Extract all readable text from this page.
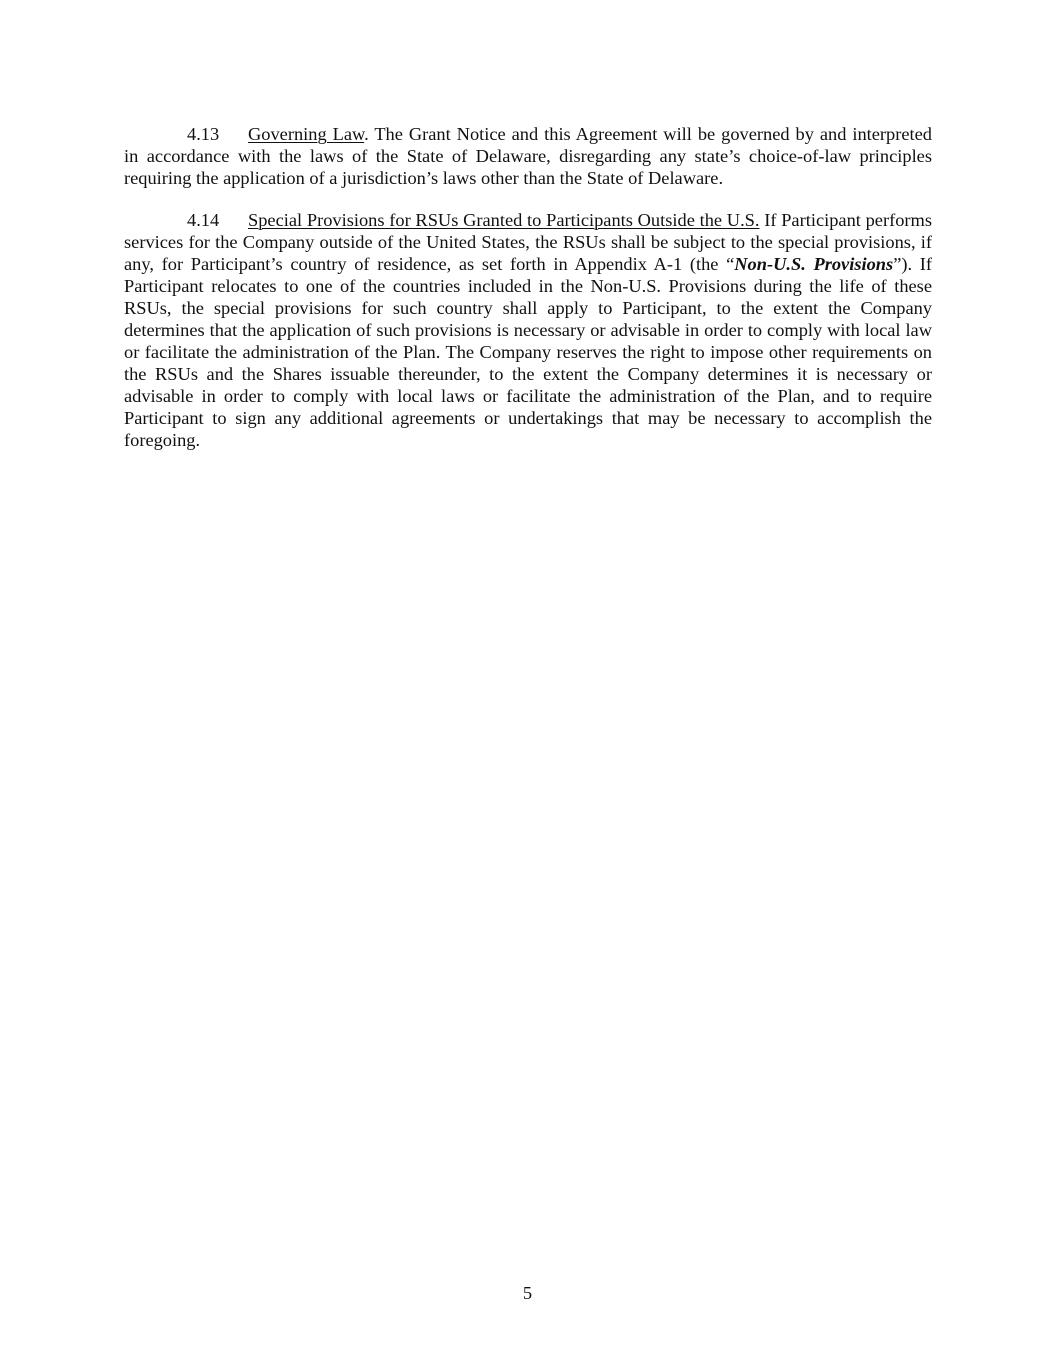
4.13 Governing Law. The Grant Notice and this Agreement will be governed by and interpreted in accordance with the laws of the State of Delaware, disregarding any state’s choice-of-law principles requiring the application of a jurisdiction’s laws other than the State of Delaware.

4.14 Special Provisions for RSUs Granted to Participants Outside the U.S. If Participant performs services for the Company outside of the United States, the RSUs shall be subject to the special provisions, if any, for Participant’s country of residence, as set forth in Appendix A-1 (the “Non-U.S. Provisions”). If Participant relocates to one of the countries included in the Non-U.S. Provisions during the life of these RSUs, the special provisions for such country shall apply to Participant, to the extent the Company determines that the application of such provisions is necessary or advisable in order to comply with local law or facilitate the administration of the Plan. The Company reserves the right to impose other requirements on the RSUs and the Shares issuable thereunder, to the extent the Company determines it is necessary or advisable in order to comply with local laws or facilitate the administration of the Plan, and to require Participant to sign any additional agreements or undertakings that may be necessary to accomplish the foregoing.

5
